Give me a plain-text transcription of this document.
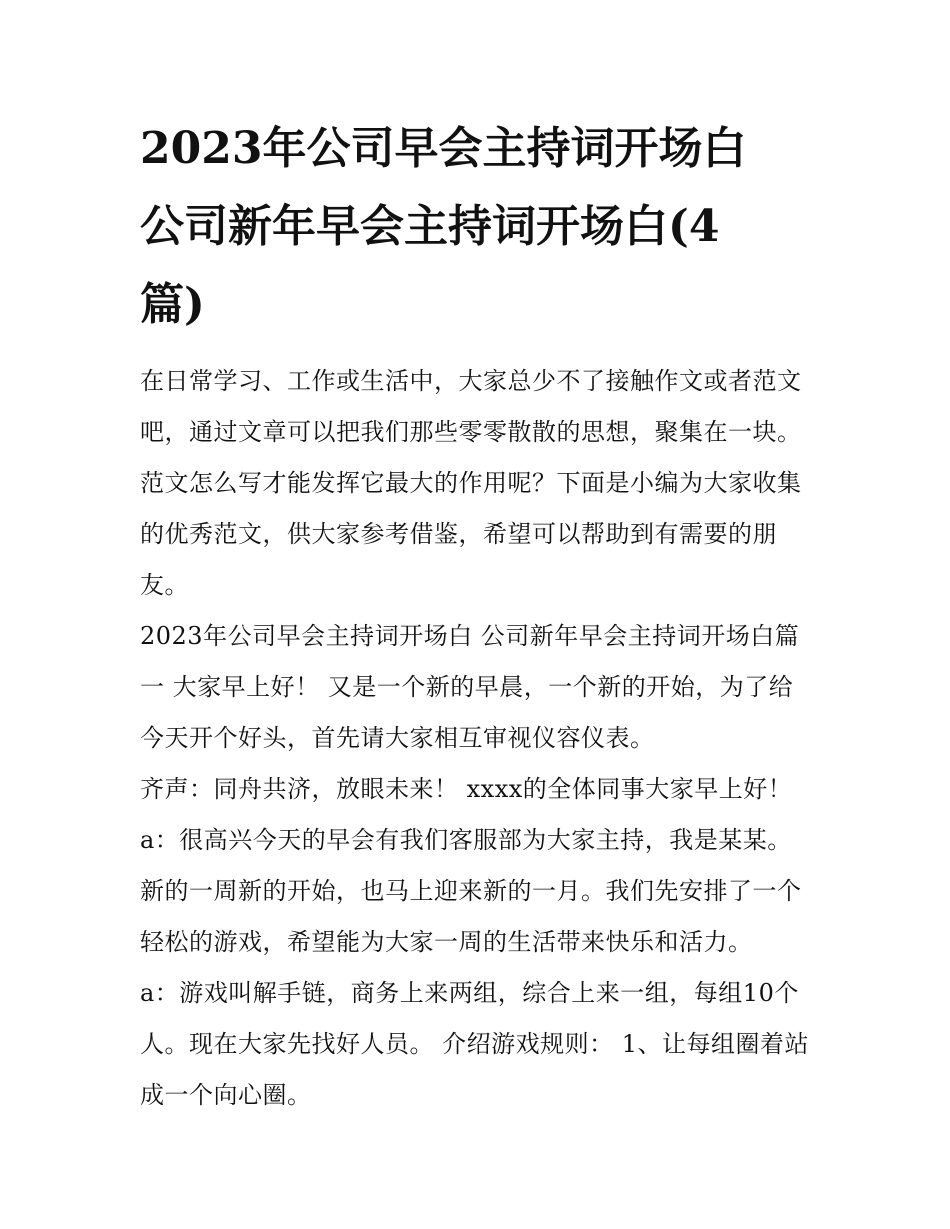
2023年公司早会主持词开场白
公司新年早会主持词开场白(4
篇)

在日常学习、工作或生活中，大家总少不了接触作文或者范文
吧，通过文章可以把我们那些零零散散的思想，聚集在一块。
范文怎么写才能发挥它最大的作用呢？下面是小编为大家收集
的优秀范文，供大家参考借鉴，希望可以帮助到有需要的朋
友。

2023年公司早会主持词开场白 公司新年早会主持词开场白篇
一 大家早上好！ 又是一个新的早晨，一个新的开始，为了给
今天开个好头，首先请大家相互审视仪容仪表。

齐声：同舟共济，放眼未来！ xxxx的全体同事大家早上好！

a：很高兴今天的早会有我们客服部为大家主持，我是某某。
新的一周新的开始，也马上迎来新的一月。我们先安排了一个
轻松的游戏，希望能为大家一周的生活带来快乐和活力。

a：游戏叫解手链，商务上来两组，综合上来一组，每组10个
人。现在大家先找好人员。 介绍游戏规则： 1、让每组圈着站
成一个向心圈。
